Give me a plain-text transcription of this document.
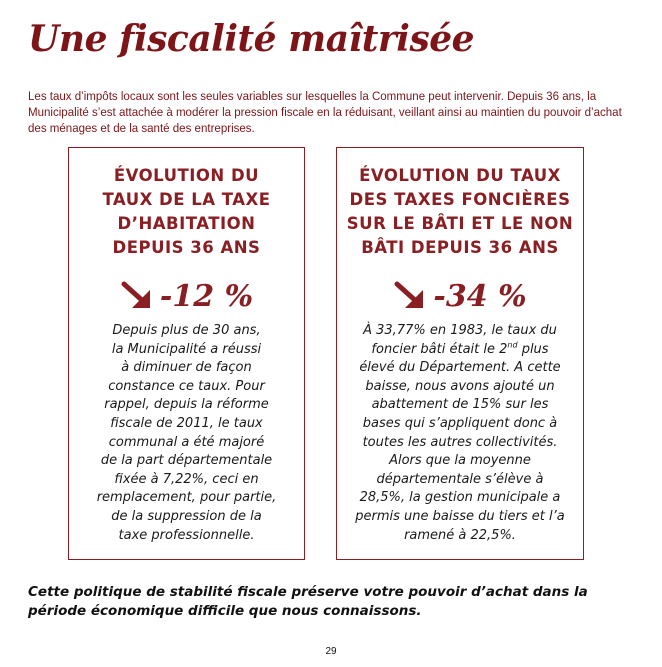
Une fiscalité maîtrisée
Les taux d’impôts locaux sont les seules variables sur lesquelles la Commune peut intervenir. Depuis 36 ans, la Municipalité s’est attachée à modérer la pression fiscale en la réduisant, veillant ainsi au maintien du pouvoir d’achat des ménages et de la santé des entreprises.
ÉVOLUTION DU
TAUX DE LA TAXE
D’HABITATION
DEPUIS 36 ANS
-12 %
Depuis plus de 30 ans,
la Municipalité a réussi
à diminuer de façon
constance ce taux. Pour
rappel, depuis la réforme
fiscale de 2011, le taux
communal a été majoré
de la part départementale
fixée à 7,22%, ceci en
remplacement, pour partie,
de la suppression de la
taxe professionnelle.
ÉVOLUTION DU TAUX
DES TAXES FONCIÈRES
SUR LE BÂTI ET LE NON
BÂTI DEPUIS 36 ANS
-34 %
À 33,77% en 1983, le taux du
foncier bâti était le 2nd plus
élevé du Département. A cette
baisse, nous avons ajouté un
abattement de 15% sur les
bases qui s’appliquent donc à
toutes les autres collectivités.
Alors que la moyenne
départementale s’élève à
28,5%, la gestion municipale a
permis une baisse du tiers et l’a
ramené à 22,5%.
Cette politique de stabilité fiscale préserve votre pouvoir d’achat dans la période économique difficile que nous connaissons.
29
